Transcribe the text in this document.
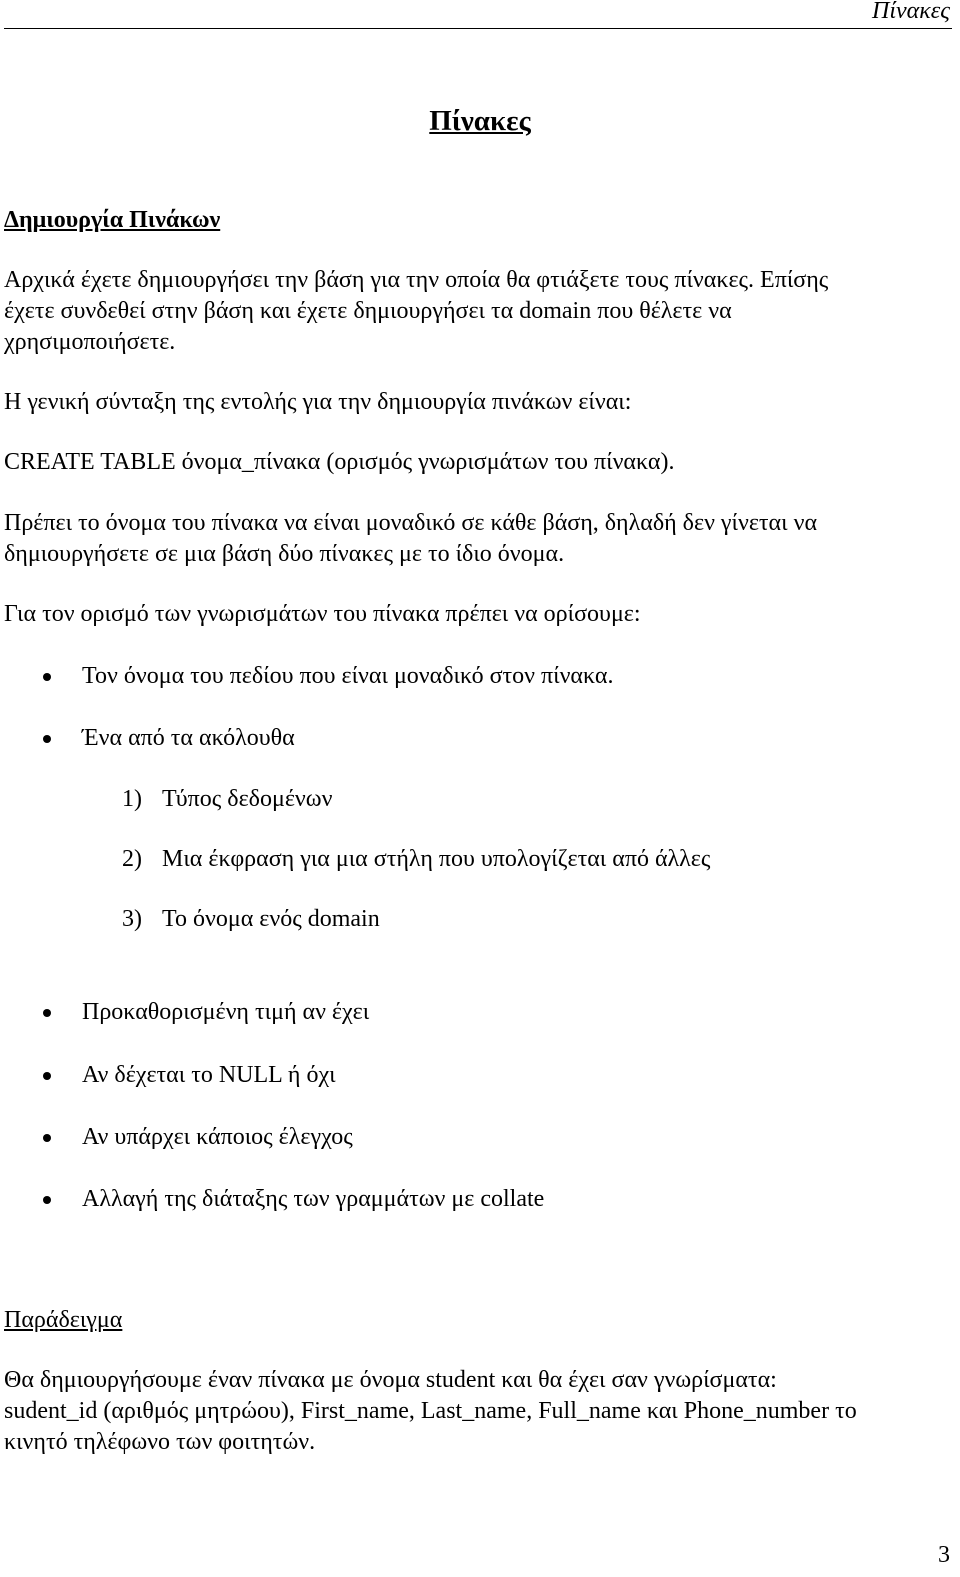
Πίνακες
Πίνακες
Δημιουργία Πινάκων
Αρχικά έχετε δημιουργήσει την βάση για την οποία θα φτιάξετε τους πίνακες. Επίσης
έχετε συνδεθεί στην βάση και έχετε δημιουργήσει τα domain που θέλετε να
χρησιμοποιήσετε.
Η γενική σύνταξη της εντολής για την δημιουργία πινάκων είναι:
CREATE TABLE όνομα_πίνακα (ορισμός γνωρισμάτων του πίνακα).
Πρέπει το όνομα του πίνακα να είναι μοναδικό σε κάθε βάση, δηλαδή δεν γίνεται να
δημιουργήσετε σε μια βάση δύο πίνακες με το ίδιο όνομα.
Για τον ορισμό των γνωρισμάτων του πίνακα πρέπει να ορίσουμε:
Τον όνομα του πεδίου που είναι μοναδικό στον πίνακα.
Ένα από τα ακόλουθα
1) Τύπος δεδομένων
2) Μια έκφραση για μια στήλη που υπολογίζεται από άλλες
3) Το όνομα ενός domain
Προκαθορισμένη τιμή αν έχει
Αν δέχεται το NULL ή όχι
Αν υπάρχει κάποιος έλεγχος
Αλλαγή της διάταξης των γραμμάτων με collate
Παράδειγμα
Θα δημιουργήσουμε έναν πίνακα με όνομα student και θα έχει σαν γνωρίσματα:
sudent_id (αριθμός μητρώου), First_name, Last_name, Full_name και Phone_number το
κινητό τηλέφωνο των φοιτητών.
3
